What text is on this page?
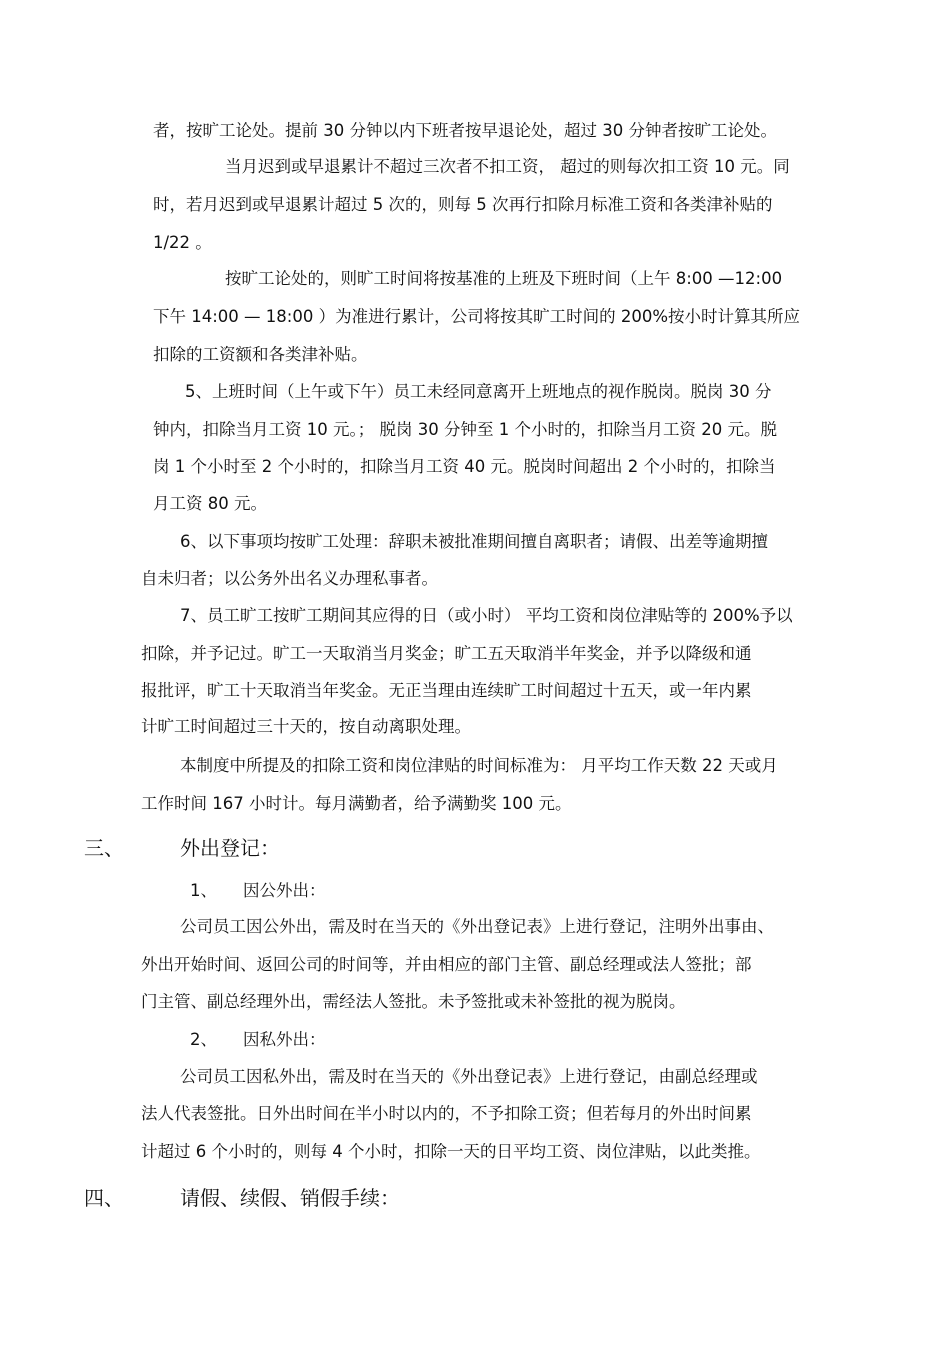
者，按旷工论处。提前 30 分钟以内下班者按早退论处，超过 30 分钟者按旷工论处。
当月迟到或早退累计不超过三次者不扣工资， 超过的则每次扣工资 10 元。同
时，若月迟到或早退累计超过 5 次的，则每 5 次再行扣除月标准工资和各类津补贴的
1/22 。
按旷工论处的，则旷工时间将按基准的上班及下班时间（上午 8:00 —12:00
下午 14:00 — 18:00 ）为准进行累计，公司将按其旷工时间的 200%按小时计算其所应
扣除的工资额和各类津补贴。
5、上班时间（上午或下午）员工未经同意离开上班地点的视作脱岗。脱岗 30 分
钟内，扣除当月工资 10 元。； 脱岗 30 分钟至 1 个小时的，扣除当月工资 20 元。脱
岗 1 个小时至 2 个小时的，扣除当月工资 40 元。脱岗时间超出 2 个小时的，扣除当
月工资 80 元。
6、以下事项均按旷工处理：辞职未被批准期间擅自离职者；请假、出差等逾期擅
自未归者；以公务外出名义办理私事者。
7、员工旷工按旷工期间其应得的日（或小时） 平均工资和岗位津贴等的 200%予以
扣除，并予记过。旷工一天取消当月奖金；旷工五天取消半年奖金，并予以降级和通
报批评，旷工十天取消当年奖金。无正当理由连续旷工时间超过十五天，或一年内累
计旷工时间超过三十天的，按自动离职处理。
本制度中所提及的扣除工资和岗位津贴的时间标准为： 月平均工作天数 22 天或月
工作时间 167 小时计。每月满勤者，给予满勤奖 100 元。
三、	外出登记：
1、 因公外出：
公司员工因公外出，需及时在当天的《外出登记表》上进行登记，注明外出事由、
外出开始时间、返回公司的时间等，并由相应的部门主管、副总经理或法人签批；部
门主管、副总经理外出，需经法人签批。未予签批或未补签批的视为脱岗。
2、 因私外出：
公司员工因私外出，需及时在当天的《外出登记表》上进行登记，由副总经理或
法人代表签批。日外出时间在半小时以内的，不予扣除工资；但若每月的外出时间累
计超过 6 个小时的，则每 4 个小时，扣除一天的日平均工资、岗位津贴，以此类推。
四、	请假、续假、销假手续：
